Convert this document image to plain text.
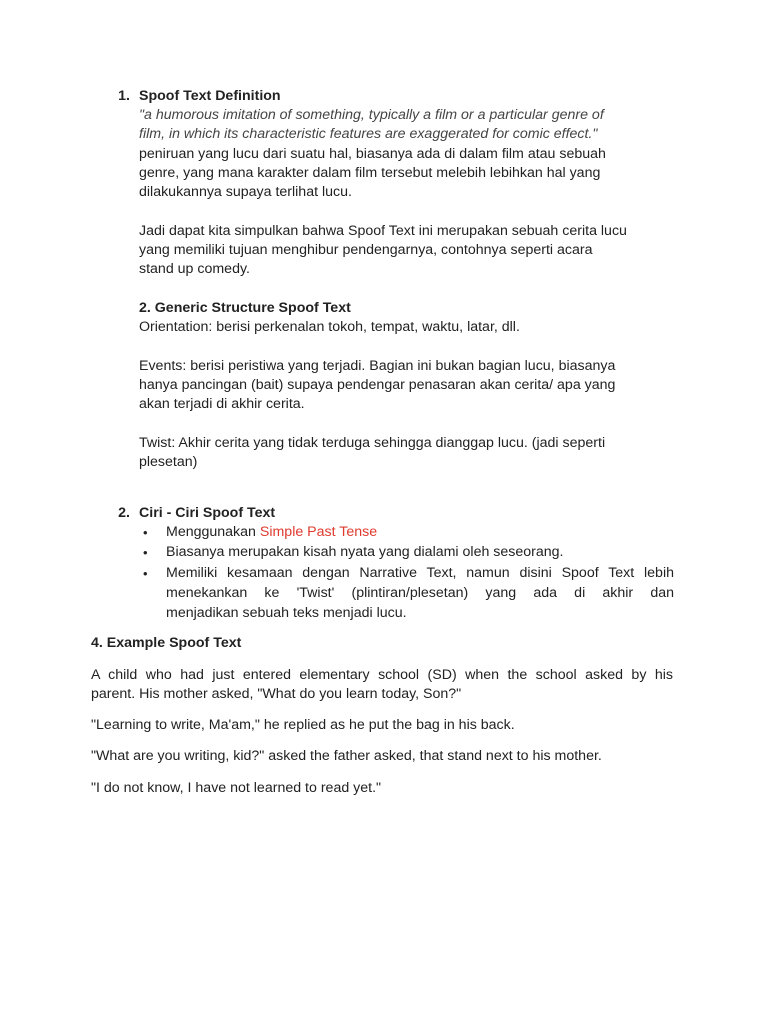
1. Spoof Text Definition
"a humorous imitation of something, typically a film or a particular genre of
film, in which its characteristic features are exaggerated for comic effect."
peniruan yang lucu dari suatu hal, biasanya ada di dalam film atau sebuah
genre, yang mana karakter dalam film tersebut melebih lebihkan hal yang
dilakukannya supaya terlihat lucu.
Jadi dapat kita simpulkan bahwa Spoof Text ini merupakan sebuah cerita lucu
yang memiliki tujuan menghibur pendengarnya, contohnya seperti acara
stand up comedy.
2. Generic Structure Spoof Text
Orientation: berisi perkenalan tokoh, tempat, waktu, latar, dll.
Events: berisi peristiwa yang terjadi. Bagian ini bukan bagian lucu, biasanya
hanya pancingan (bait) supaya pendengar penasaran akan cerita/ apa yang
akan terjadi di akhir cerita.
Twist: Akhir cerita yang tidak terduga sehingga dianggap lucu. (jadi seperti
plesetan)
2. Ciri - Ciri Spoof Text
• Menggunakan Simple Past Tense
• Biasanya merupakan kisah nyata yang dialami oleh seseorang.
• Memiliki kesamaan dengan Narrative Text, namun disini Spoof Text lebih
menekankan ke 'Twist' (plintiran/plesetan) yang ada di akhir dan
menjadikan sebuah teks menjadi lucu.
4. Example Spoof Text
A child who had just entered elementary school (SD) when the school asked by his
parent. His mother asked, "What do you learn today, Son?"
"Learning to write, Ma'am," he replied as he put the bag in his back.
"What are you writing, kid?" asked the father asked, that stand next to his mother.
"I do not know, I have not learned to read yet."
